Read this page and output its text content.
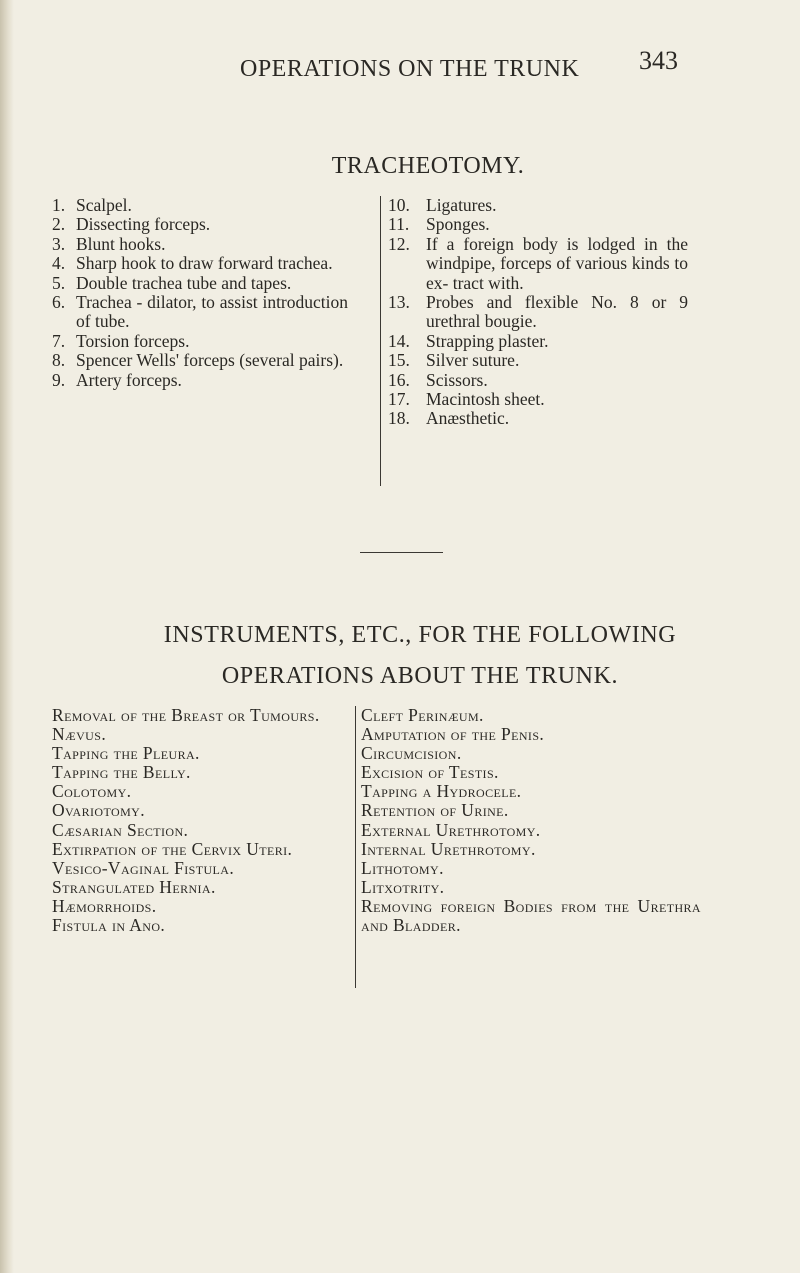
OPERATIONS ON THE TRUNK 343
TRACHEOTOMY.
1. Scalpel.
2. Dissecting forceps.
3. Blunt hooks.
4. Sharp hook to draw forward trachea.
5. Double trachea tube and tapes.
6. Trachea - dilator, to assist introduction of tube.
7. Torsion forceps.
8. Spencer Wells' forceps (several pairs).
9. Artery forceps.
10. Ligatures.
11. Sponges.
12. If a foreign body is lodged in the windpipe, forceps of various kinds to ex- tract with.
13. Probes and flexible No. 8 or 9 urethral bougie.
14. Strapping plaster.
15. Silver suture.
16. Scissors.
17. Macintosh sheet.
18. Anæsthetic.
INSTRUMENTS, ETC., FOR THE FOLLOWING
OPERATIONS ABOUT THE TRUNK.
Removal of the Breast or Tumours.
Nævus.
Tapping the Pleura.
Tapping the Belly.
Colotomy.
Ovariotomy.
Cæsarian Section.
Extirpation of the Cervix Uteri.
Vesico-Vaginal Fistula.
Strangulated Hernia.
Hæmorrhoids.
Fistula in Ano.
Cleft Perinæum.
Amputation of the Penis.
Circumcision.
Excision of Testis.
Tapping a Hydrocele.
Retention of Urine.
External Urethrotomy.
Internal Urethrotomy.
Lithotomy.
Litхotrity.
Removing foreign Bodies from the Urethra and Bladder.
